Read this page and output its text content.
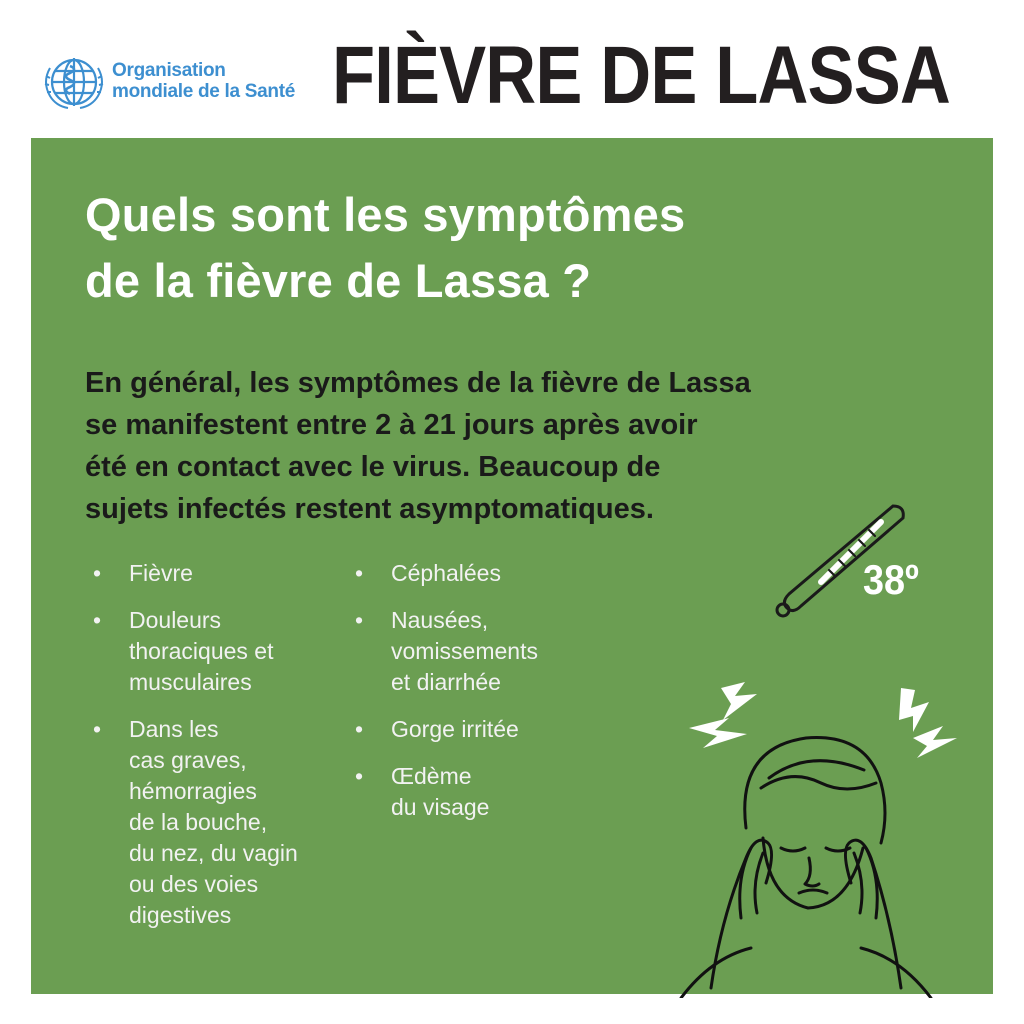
Organisation
mondiale de la Santé FIÈVRE DE LASSA
Quels sont les symptômes
de la fièvre de Lassa ?
En général, les symptômes de la fièvre de Lassa
se manifestent entre 2 à 21 jours après avoir
été en contact avec le virus. Beaucoup de
sujets infectés restent asymptomatiques.
• Fièvre
• Douleurs
thoraciques et
musculaires
• Dans les
cas graves,
hémorragies
de la bouche,
du nez, du vagin
ou des voies
digestives
• Céphalées
• Nausées,
vomissements
et diarrhée
• Gorge irritée
• Œdème
du visage
38º
